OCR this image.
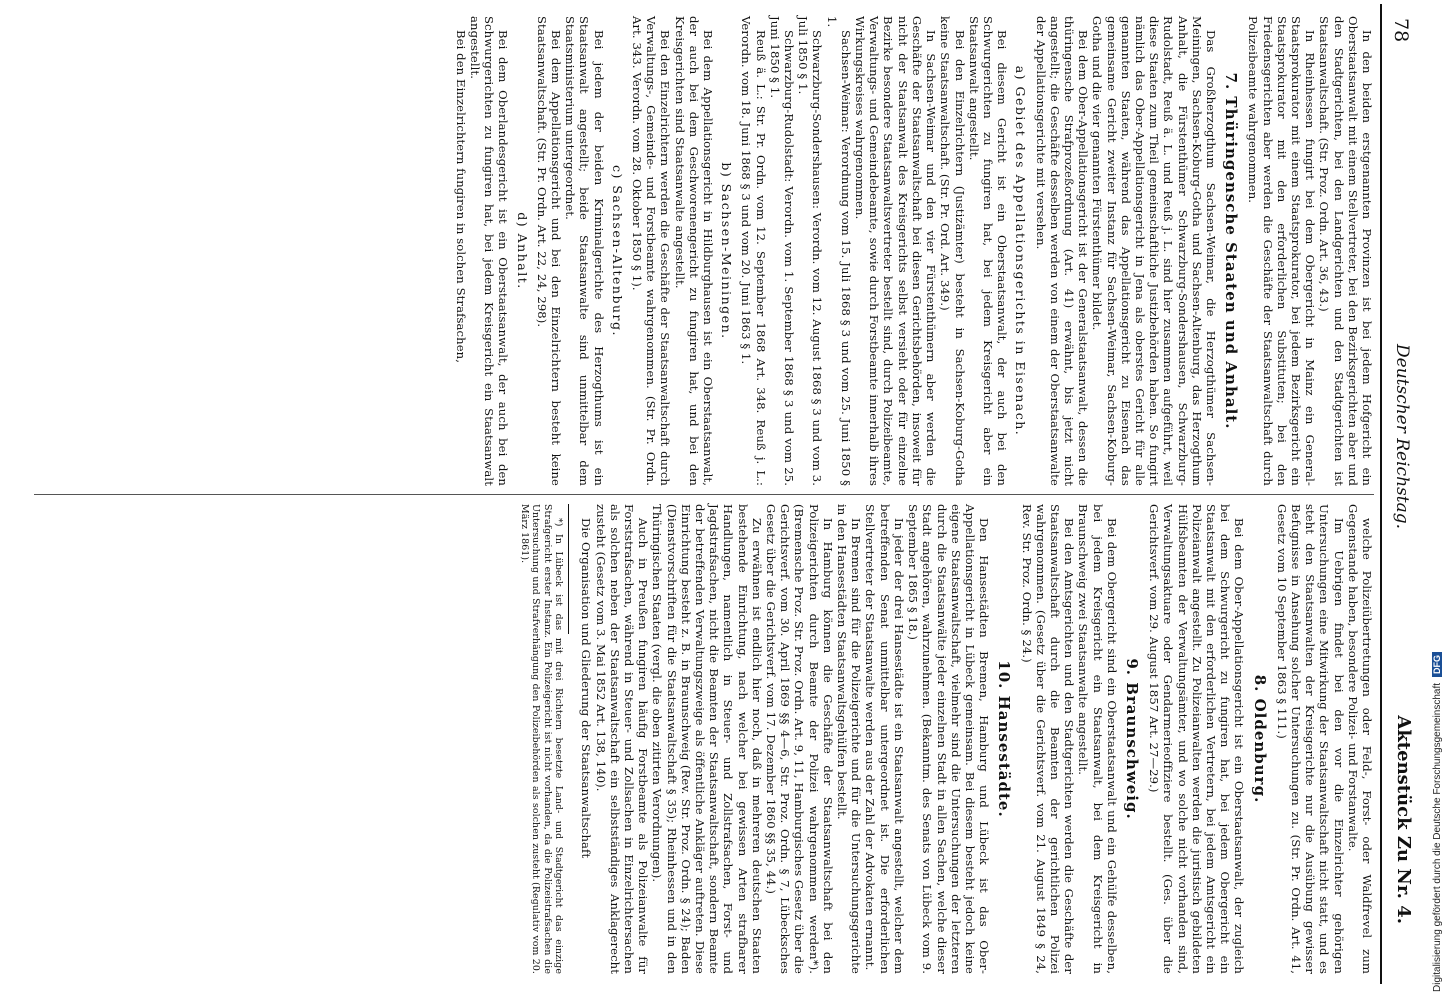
78
Deutscher Reichstag.
Aktenstück Zu Nr. 4.

In den beiden erstgenannten Provinzen ist bei jedem Hofgericht ein Oberstaatsanwalt mit einem Stellvertreter, bei den Bezirksgerichten aber und den Stadtgerichten, bei den Landgerichten und den Stadtgerichten ist Staatsanwaltschaft. (Str. Proz. Ordn. Art. 36, 43.)

In Rheinhessen fungirt bei dem Obergericht in Mainz ein General-Staatsprokurator mit einem Staatsprokurator, bei jedem Bezirksgericht ein Staatsprokurator mit den erforderlichen Substituten; bei den Friedensgerichten aber werden die Geschäfte der Staatsanwaltschaft durch Polizeibeamte wahrgenommen.

7. Thüringensche Staaten und Anhalt.

Das Großherzogthum Sachsen-Weimar, die Herzogthümer Sachsen-Meiningen, Sachsen-Koburg-Gotha und Sachsen-Altenburg, das Herzogthum Anhalt, die Fürstenthümer Schwarzburg-Sondershausen, Schwarzburg-Rudolstadt, Reuß ä. L. und Reuß j. L. sind hier zusammen aufgeführt, weil diese Staaten zum Theil gemeinschaftliche Justizbehörden haben. So fungirt nämlich das Ober-Appellationsgericht in Jena als oberstes Gericht für alle genannten Staaten, während das Appellationsgericht zu Eisenach das gemeinsame Gericht zweiter Instanz für Sachsen-Weimar, Sachsen-Koburg-Gotha und die vier genannten Fürstenthümer bildet.

Bei dem Ober-Appellationsgericht ist der Generalstaatsanwalt, dessen die thüringensche Strafprozeßordnung (Art. 41) erwähnt, bis jetzt nicht angestellt; die Geschäfte desselben werden von einem der Oberstaatsanwalte der Appellationsgerichte mit versehen.

a) Gebiet des Appellationsgerichts in Eisenach.

Bei diesem Gericht ist ein Oberstaatsanwalt, der auch bei den Schwurgerichten zu fungiren hat, bei jedem Kreisgericht aber ein Staatsanwalt angestellt.

Bei den Einzelrichtern (Justizämter) besteht in Sachsen-Koburg-Gotha keine Staatsanwaltschaft. (Str. Pr. Ord. Art. 349.)

In Sachsen-Weimar und den vier Fürstenthümern aber werden die Geschäfte der Staatsanwaltschaft bei diesen Gerichtsbehörden, insoweit für nicht der Staatsanwalt des Kreisgerichts selbst versieht oder für einzelne Bezirke besondere Staatsanwaltsvertreter bestellt sind, durch Polizeibeamte, Verwaltungs- und Gemeindebeamte, sowie durch Forstbeamte innerhalb ihres Wirkungskreises wahrgenommen.

Sachsen-Weimar: Verordnung vom 15. Juli 1868 § 3 und vom 25. Juni 1850 § 1.

Schwarzburg-Sondershausen: Verordn. vom 12. August 1868 § 3 und vom 3. Juli 1850 § 1.

Schwarzburg-Rudolstadt: Verordn. vom 1. September 1868 § 3 und vom 25. Juni 1850 § 1.

Reuß ä. L.: Str. Pr. Ordn. vom 12. September 1868 Art. 348. Reuß j. L.: Verordn. vom 18. Juni 1868 § 3 und vom 20. Juni 1863 § 1.

b) Sachsen-Meiningen.

Bei dem Appellationsgericht in Hildburghausen ist ein Oberstaatsanwalt, der auch bei dem Geschworenengericht zu fungiren hat, und bei den Kreisgerichten sind Staatsanwalte angestellt.

Bei den Einzelrichtern werden die Geschäfte der Staatsanwaltschaft durch Verwaltungs-, Gemeinde- und Forstbeamte wahrgenommen. (Str. Pr. Ordn. Art. 343. Verordn. vom 28. Oktober 1850 § 1).

c) Sachsen-Altenburg.

Bei jedem der beiden Kriminalgerichte des Herzogthums ist ein Staatsanwalt angestellt; beide Staatsanwalte sind unmittelbar dem Staatsministerium untergeordnet.

Bei dem Appellationsgericht und bei den Einzelrichtern besteht keine Staatsanwaltschaft. (Str. Pr. Ordn. Art. 22, 24, 298).

d) Anhalt.

Bei dem Oberlandesgericht ist ein Oberstaatsanwalt, der auch bei den Schwurgerichten zu fungiren hat, bei jedem Kreisgericht ein Staatsanwalt angestellt.

Bei den Einzelrichtern fungiren in solchen Strafsachen,

welche Polizeiübertretungen oder Feld-, Forst- oder Waldfrevel zum Gegenstande haben, besondere Polizei- und Forstanwalte.

Im Uebrigen findet bei den vor die Einzelrichter gehörigen Untersuchungen eine Mitwirkung der Staatsanwaltschaft nicht statt, und es steht den Staatsanwalten der Kreisgerichte nur die Ausübung gewisser Befugnisse in Ansehung solcher Untersuchungen zu. (Str. Pr. Ordn. Art. 41, Gesetz vom 10 September 1863 § 111.)

8. Oldenburg.

Bei dem Ober-Appellationsgericht ist ein Oberstaatsanwalt, der zugleich bei dem Schwurgericht zu fungiren hat, bei jedem Obergericht ein Staatsanwalt mit den erforderlichen Vertretern, bei jedem Amtsgericht ein Polizeianwalt angestellt. Zu Polizeianwalten werden die juristisch gebildeten Hülfsbeamten der Verwaltungsämter, und wo solche nicht vorhanden sind, Verwaltungsaktuare oder Gendarmerieoffiziere bestellt. (Ges. über die Gerichtsverf. vom 29. August 1857 Art. 27—29.)

9. Braunschweig.

Bei dem Obergericht sind ein Oberstaatsanwalt und ein Gehülfe desselben, bei jedem Kreisgericht ein Staatsanwalt, bei dem Kreisgericht in Braunschweig zwei Staatsanwalte angestellt.

Bei den Amtsgerichten und den Stadtgerichten werden die Geschäfte der Staatsanwaltschaft durch die Beamten der gerichtlichen Polizei wahrgenommen. (Gesetz über die Gerichtsverf. vom 21. August 1849 § 24, Rev. Str. Proz. Ordn. § 24.)

10. Hansestädte.

Den Hansestädten Bremen, Hamburg und Lübeck ist das Ober-Appellationsgericht in Lübeck gemeinsam. Bei diesem besteht jedoch keine eigene Staatsanwaltschaft, vielmehr sind die Untersuchungen der letzteren durch die Staatsanwälte jeder einzelnen Stadt in allen Sachen, welche dieser Stadt angehören, wahrzunehmen. (Bekanntm. des Senats von Lübeck vom 9. September 1865 § 18.)

In jeder der drei Hansestädte ist ein Staatsanwalt angestellt, welcher dem betreffenden Senat unmittelbar untergeordnet ist. Die erforderlichen Stellvertreter der Staatsanwalte werden aus der Zahl der Advokaten ernannt.

In Bremen sind für die Polizeigerichte und für die Untersuchungsgerichte in den Hansestädten Staatsanwaltsgehülfen bestellt.

In Hamburg können die Geschäfte der Staatsanwaltschaft bei den Polizeigerichten durch Beamte der Polizei wahrgenommen werden*). (Bremensche Proz. Str. Proz. Ordn. Art. 9, 11, Hamburgisches Gesetz über die Gerichtsverf. vom 30. April 1869 §§ 4—6, Str. Proz. Ordn. § 7, Lübecksches Gesetz über die Gerichtsverf. vom 17. Dezember 1860 §§ 35, 44.)

Zu erwähnen ist endlich hier noch, daß in mehreren deutschen Staaten bestehende Einrichtung, nach welcher bei gewissen Arten strafbarer Handlungen, namentlich in Steuer- und Zollstrafsachen, Forst- und Jagdstrafsachen, nicht die Beamten der Staatsanwaltschaft, sondern Beamte der betreffenden Verwaltungszweige als öffentliche Ankläger auftreten. Diese Einrichtung besteht z. B. in Braunschweig (Rev. Str. Proz. Ordn. § 24); Baden (Dienstvorschriften für die Staatsanwaltschaft § 35); Rheinhessen und in den Thüringischen Staaten (vergl. die oben zitirten Verordnungen).

Auch in Preußen fungiren häufig Forstbeamte als Polizeianwalte für Forststrafsachen, während in Steuer- und Zollsachen in Einzelrichtersachen als solchen neben der Staatsanwaltschaft ein selbstständiges Anklagerecht zusteht (Gesetz vom 3. Mai 1852 Art. 138, 140).

Die Organisation und Gliederung der Staatsanwaltschaft

*) In Lübeck ist das mit drei Richtern besetzte Land- und Stadtgericht das einzige Strafgericht erster Instanz. Ein Polizeigericht ist nicht vorhanden, da die Polizeistrafsachen die Untersuchung und Strafverhängung den Polizeibehörden als solchen zusteht (Regulativ vom 20. März 1861).

Digitalisierung gefördert durch die Deutsche ForschungsgemeinschaftDFG
